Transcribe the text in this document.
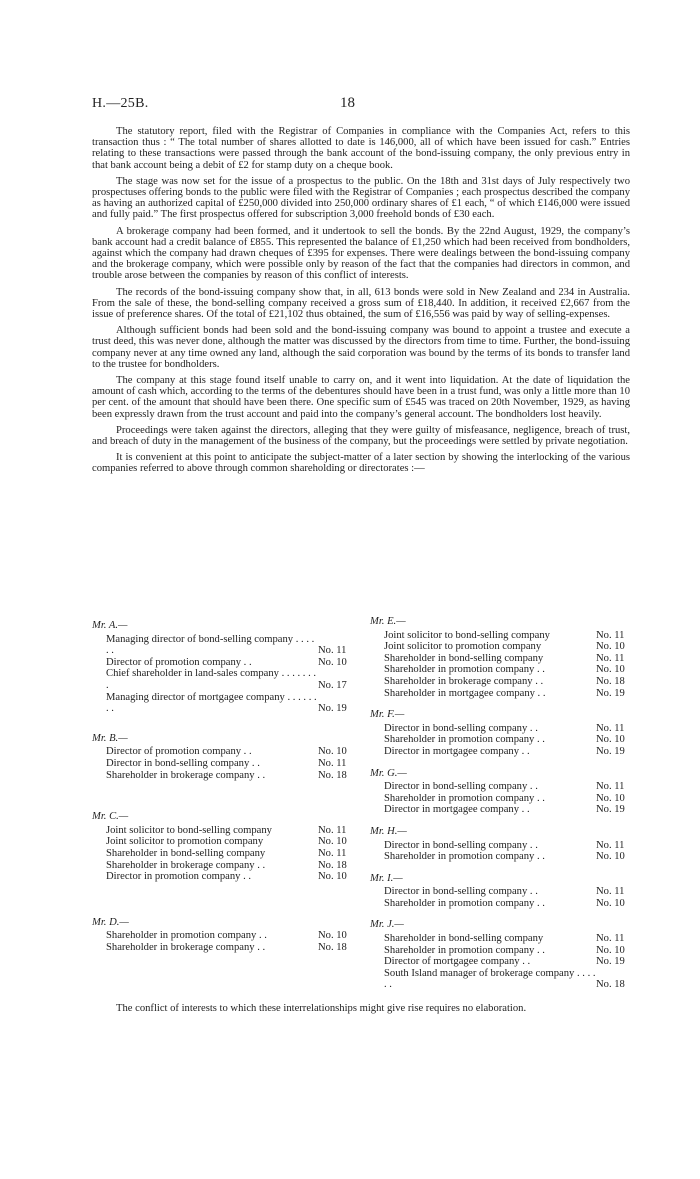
H.—25B.	18

The statutory report, filed with the Registrar of Companies in compliance with the Companies Act, refers to this transaction thus : “ The total number of shares allotted to date is 146,000, all of which have been issued for cash.” Entries relating to these transactions were passed through the bank account of the bond-issuing company, the only previous entry in that bank account being a debit of £2 for stamp duty on a cheque book.

The stage was now set for the issue of a prospectus to the public. On the 18th and 31st days of July respectively two prospectuses offering bonds to the public were filed with the Registrar of Companies ; each prospectus described the company as having an authorized capital of £250,000 divided into 250,000 ordinary shares of £1 each, “ of which £146,000 were issued and fully paid.” The first prospectus offered for subscription 3,000 freehold bonds of £30 each.

A brokerage company had been formed, and it undertook to sell the bonds. By the 22nd August, 1929, the company’s bank account had a credit balance of £855. This represented the balance of £1,250 which had been received from bondholders, against which the company had drawn cheques of £395 for expenses. There were dealings between the bond-issuing company and the brokerage company, which were possible only by reason of the fact that the companies had directors in common, and trouble arose between the companies by reason of this conflict of interests.

The records of the bond-issuing company show that, in all, 613 bonds were sold in New Zealand and 234 in Australia. From the sale of these, the bond-selling company received a gross sum of £18,440. In addition, it received £2,667 from the issue of preference shares. Of the total of £21,102 thus obtained, the sum of £16,556 was paid by way of selling-expenses.

Although sufficient bonds had been sold and the bond-issuing company was bound to appoint a trustee and execute a trust deed, this was never done, although the matter was discussed by the directors from time to time. Further, the bond-issuing company never at any time owned any land, although the said corporation was bound by the terms of its bonds to transfer land to the trustee for bondholders.

The company at this stage found itself unable to carry on, and it went into liquidation. At the date of liquidation the amount of cash which, according to the terms of the debentures should have been in a trust fund, was only a little more than 10 per cent. of the amount that should have been there. One specific sum of £545 was traced on 20th November, 1929, as having been expressly drawn from the trust account and paid into the company’s general account. The bondholders lost heavily.

Proceedings were taken against the directors, alleging that they were guilty of misfeasance, negligence, breach of trust, and breach of duty in the management of the business of the company, but the proceedings were settled by private negotiation.

It is convenient at this point to anticipate the subject-matter of a later section by showing the interlocking of the various companies referred to above through common shareholding or directorates :—

Mr. A.—
Managing director of bond-selling company . . . . . .	No. 11
Director of promotion company . .	No. 10
Chief shareholder in land-sales company . . . . . . . .	No. 17
Managing director of mortgagee company . . . . . . . .	No. 19
Mr. B.—
Director of promotion company . .	No. 10
Director in bond-selling company . .	No. 11
Shareholder in brokerage company . .	No. 18
Mr. C.—
Joint solicitor to bond-selling company	No. 11
Joint solicitor to promotion company	No. 10
Shareholder in bond-selling company	No. 11
Shareholder in brokerage company . .	No. 18
Director in promotion company . .	No. 10
Mr. D.—
Shareholder in promotion company . .	No. 10
Shareholder in brokerage company . .	No. 18
Mr. E.—
Joint solicitor to bond-selling company	No. 11
Joint solicitor to promotion company	No. 10
Shareholder in bond-selling company	No. 11
Shareholder in promotion company . .	No. 10
Shareholder in brokerage company . .	No. 18
Shareholder in mortgagee company . .	No. 19
Mr. F.—
Director in bond-selling company . .	No. 11
Shareholder in promotion company . .	No. 10
Director in mortgagee company . .	No. 19
Mr. G.—
Director in bond-selling company . .	No. 11
Shareholder in promotion company . .	No. 10
Director in mortgagee company . .	No. 19
Mr. H.—
Director in bond-selling company . .	No. 11
Shareholder in promotion company . .	No. 10
Mr. I.—
Director in bond-selling company . .	No. 11
Shareholder in promotion company . .	No. 10
Mr. J.—
Shareholder in bond-selling company	No. 11
Shareholder in promotion company . .	No. 10
Director of mortgagee company . .	No. 19
South Island manager of brokerage company . . . . . .	No. 18

The conflict of interests to which these interrelationships might give rise requires no elaboration.
